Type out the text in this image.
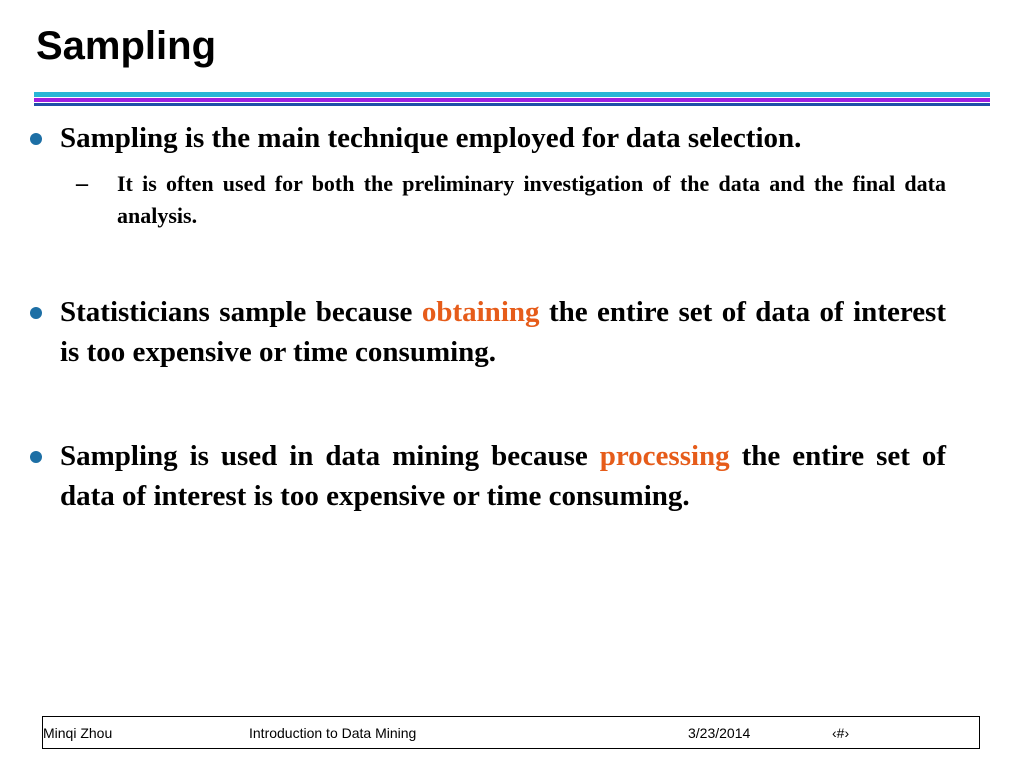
Sampling

Sampling is the main technique employed for data selection.

– It is often used for both the preliminary investigation of the data and the final data analysis.

Statisticians sample because obtaining the entire set of data of interest is too expensive or time consuming.

Sampling is used in data mining because processing the entire set of data of interest is too expensive or time consuming.

Minqi Zhou	Introduction to Data Mining	3/23/2014	‹#›
